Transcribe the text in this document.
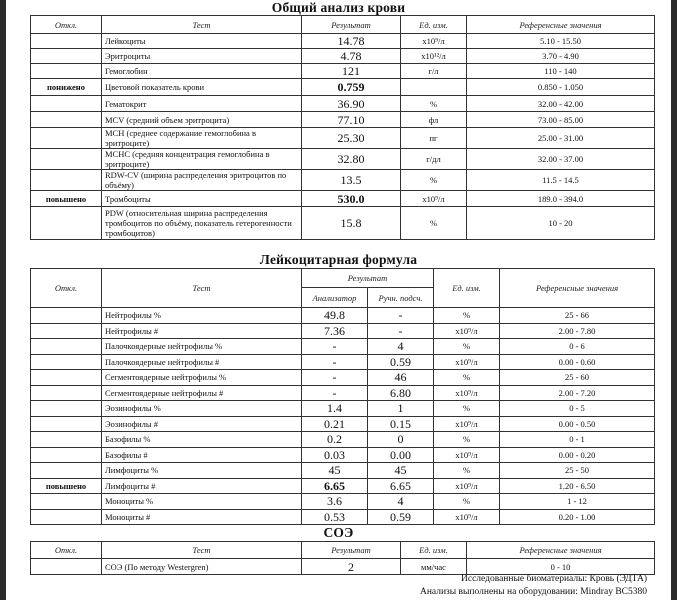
Общий анализ крови
Откл.	Тест	Результат	Ед. изм.	Референсные значения
	Лейкоциты	14.78	x10⁹/л	5.10 - 15.50
	Эритроциты	4.78	x10¹²/л	3.70 - 4.90
	Гемоглобин	121	г/л	110 - 140
понижено	Цветовой показатель крови	0.759		0.850 - 1.050
	Гематокрит	36.90	%	32.00 - 42.00
	MCV (средний объем эритроцита)	77.10	фл	73.00 - 85.00
	MCH (среднее содержание гемоглобина в эритроците)	25.30	пг	25.00 - 31.00
	MCHC (средняя концентрация гемоглобина в эритроците)	32.80	г/дл	32.00 - 37.00
	RDW-CV (ширина распределения эритроцитов по объёму)	13.5	%	11.5 - 14.5
повышено	Тромбоциты	530.0	x10⁹/л	189.0 - 394.0
	PDW (относительная ширина распределения тромбоцитов по объёму, показатель гетерогенности тромбоцитов)	15.8	%	10 - 20
Лейкоцитарная формула
Откл.	Тест	Результат		Ед. изм.	Референсные значения
		Анализатор	Ручн. подсч.		
	Нейтрофилы %	49.8	-	%	25 - 66
	Нейтрофилы #	7.36	-	x10⁹/л	2.00 - 7.80
	Палочкоядерные нейтрофилы %	-	4	%	0 - 6
	Палочкоядерные нейтрофилы #	-	0.59	x10⁹/л	0.00 - 0.60
	Сегментоядерные нейтрофилы %	-	46	%	25 - 60
	Сегментоядерные нейтрофилы #	-	6.80	x10⁹/л	2.00 - 7.20
	Эозинофилы %	1.4	1	%	0 - 5
	Эозинофилы #	0.21	0.15	x10⁹/л	0.00 - 0.50
	Базофилы %	0.2	0	%	0 - 1
	Базофилы #	0.03	0.00	x10⁹/л	0.00 - 0.20
	Лимфоциты %	45	45	%	25 - 50
повышено	Лимфоциты #	6.65	6.65	x10⁹/л	1.20 - 6.50
	Моноциты %	3.6	4	%	1 - 12
	Моноциты #	0.53	0.59	x10⁹/л	0.20 - 1.00
СОЭ
Откл.	Тест	Результат	Ед. изм.	Референсные значения
	СОЭ (По методу Westergren)	2	мм/час	0 - 10
Исследованные биоматериалы: Кровь (ЭДТА)
Анализы выполнены на оборудовании: Mindray BC5380
